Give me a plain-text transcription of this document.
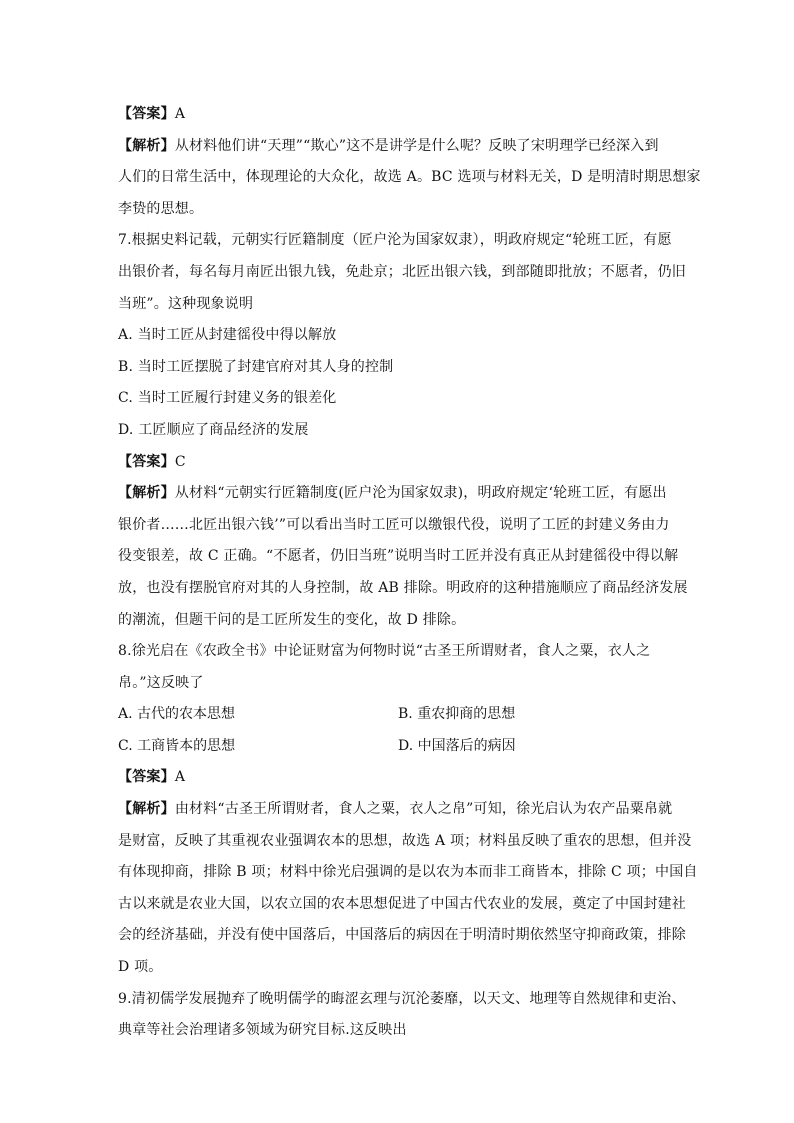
【答案】A
【解析】从材料他们讲“天理”“欺心”这不是讲学是什么呢？反映了宋明理学已经深入到
人们的日常生活中，体现理论的大众化，故选 A。BC 选项与材料无关，D 是明清时期思想家
李贽的思想。
7.根据史料记载，元朝实行匠籍制度（匠户沦为国家奴隶），明政府规定“轮班工匠，有愿
出银价者，每名每月南匠出银九钱，免赴京；北匠出银六钱，到部随即批放；不愿者，仍旧
当班”。这种现象说明
A. 当时工匠从封建徭役中得以解放
B. 当时工匠摆脱了封建官府对其人身的控制
C. 当时工匠履行封建义务的银差化
D. 工匠顺应了商品经济的发展
【答案】C
【解析】从材料“元朝实行匠籍制度(匠户沦为国家奴隶)，明政府规定‘轮班工匠，有愿出
银价者……北匠出银六钱’”可以看出当时工匠可以缴银代役，说明了工匠的封建义务由力
役变银差，故 C 正确。“不愿者，仍旧当班”说明当时工匠并没有真正从封建徭役中得以解
放，也没有摆脱官府对其的人身控制，故 AB 排除。明政府的这种措施顺应了商品经济发展
的潮流，但题干问的是工匠所发生的变化，故 D 排除。
8.徐光启在《农政全书》中论证财富为何物时说“古圣王所谓财者，食人之粟，衣人之
帛。”这反映了
A. 古代的农本思想	B. 重农抑商的思想
C. 工商皆本的思想	D. 中国落后的病因
【答案】A
【解析】由材料“古圣王所谓财者，食人之粟，衣人之帛”可知，徐光启认为农产品粟帛就
是财富，反映了其重视农业强调农本的思想，故选 A 项；材料虽反映了重农的思想，但并没
有体现抑商，排除 B 项；材料中徐光启强调的是以农为本而非工商皆本，排除 C 项；中国自
古以来就是农业大国，以农立国的农本思想促进了中国古代农业的发展，奠定了中国封建社
会的经济基础，并没有使中国落后，中国落后的病因在于明清时期依然坚守抑商政策，排除
D 项。
9.清初儒学发展抛弃了晚明儒学的晦涩玄理与沉沦萎靡，以天文、地理等自然规律和吏治、
典章等社会治理诸多领域为研究目标.这反映出
